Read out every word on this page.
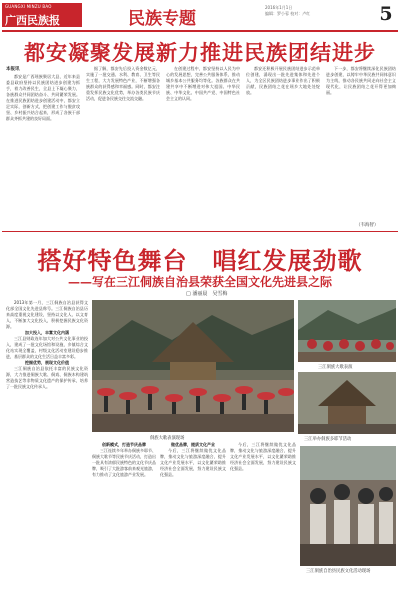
GUANGXI MINZU BAO
广西民族报	民族专题
2016年1月1日
编辑：罗小蓉 校对：卢红	5
都安凝聚发展新力推进民族团结进步
本报讯

都安是广西瑶族聚居大县，近年来县委县政府坚持以民族团结进步创建为抓手，着力改善民生，全县上下凝心聚力，各族群众共同团结奋斗、共同繁荣发展。在推进民族团结进步创建活动中，都安立足实际，创新方式，把创建工作与脱贫攻坚、乡村振兴结合起来，形成了各族干部群众齐抓共建的良好局面。

据了解，都安先后投入资金数亿元，实施了一批交通、水利、教育、卫生等民生工程，大力发展特色产业，不断增强各族群众的获得感和幸福感。同时，都安注重发挥民族文化优势，举办各类民族节庆活动，促进各民族交往交流交融。

在创建过程中，都安坚持以人民为中心的发展思想，完善公共服务体系，推动城乡基本公共服务均等化。各族群众在共建共享中不断增进对伟大祖国、中华民族、中华文化、中国共产党、中国特色社会主义的认同。

都安还积极开展民族团结进步示范单位创建，涌现出一批先进集体和先进个人，为全区民族团结进步事业作出了积极贡献，民族团结之花在瑶乡大地处处绽放。

下一步，都安将继续深化民族团结进步创建，以铸牢中华民族共同体意识为主线，推动各民族共同走向社会主义现代化，让民族团结之花开得更加绚丽。

（韦海智）
搭好特色舞台　唱红发展劲歌
——写在三江侗族自治县荣获全国文化先进县之际
□ 潘丽晨　吴雪梅

2013年第一月，三江侗族自治县获得文化部全国文化先进县称号。三江侗族自治县历来高度重视文化建设，坚持以文化人、以文育人，不断加大文化投入，积极挖掘民族文化资源。

加大投入，丰富文化内涵

三江县财政连年加大对公共文化事业的投入，建成了一批文化场馆和设施，乡镇综合文化站实现全覆盖，村级文化活动室建设稳步推进，基层群众的文化生活日益丰富多彩。

挖掘优势，展现文化价值

三江侗族自治县依托丰富的民族文化资源，大力推进侗族大歌、侗戏、侗族木构建筑营造技艺等非物质文化遗产的保护传承，培养了一批民族文化传承人。

侗族大歌表演现场
三江侗族大歌表演

创新模式，打造节庆品牌

三江连续多年举办侗族多耶节、侗族大歌节等民族节庆活动，打造出一批具有浓郁民族特色的文化节庆品牌，吸引了大批游客前来观光旅游，有力推动了文化旅游产业发展。

做优品牌，提质文化产业

今后，三江将继续做优文化品牌，推动文化与旅游深度融合，提升文化产业发展水平，以文化繁荣助推经济社会全面发展，努力建设民族文化强县。

三江举办侗族多耶节活动

今后，三江将继续做优文化品牌，推动文化与旅游深度融合，提升文化产业发展水平，以文化繁荣助推经济社会全面发展，努力建设民族文化强县。

三江侗族自治县民族文化活动现场
